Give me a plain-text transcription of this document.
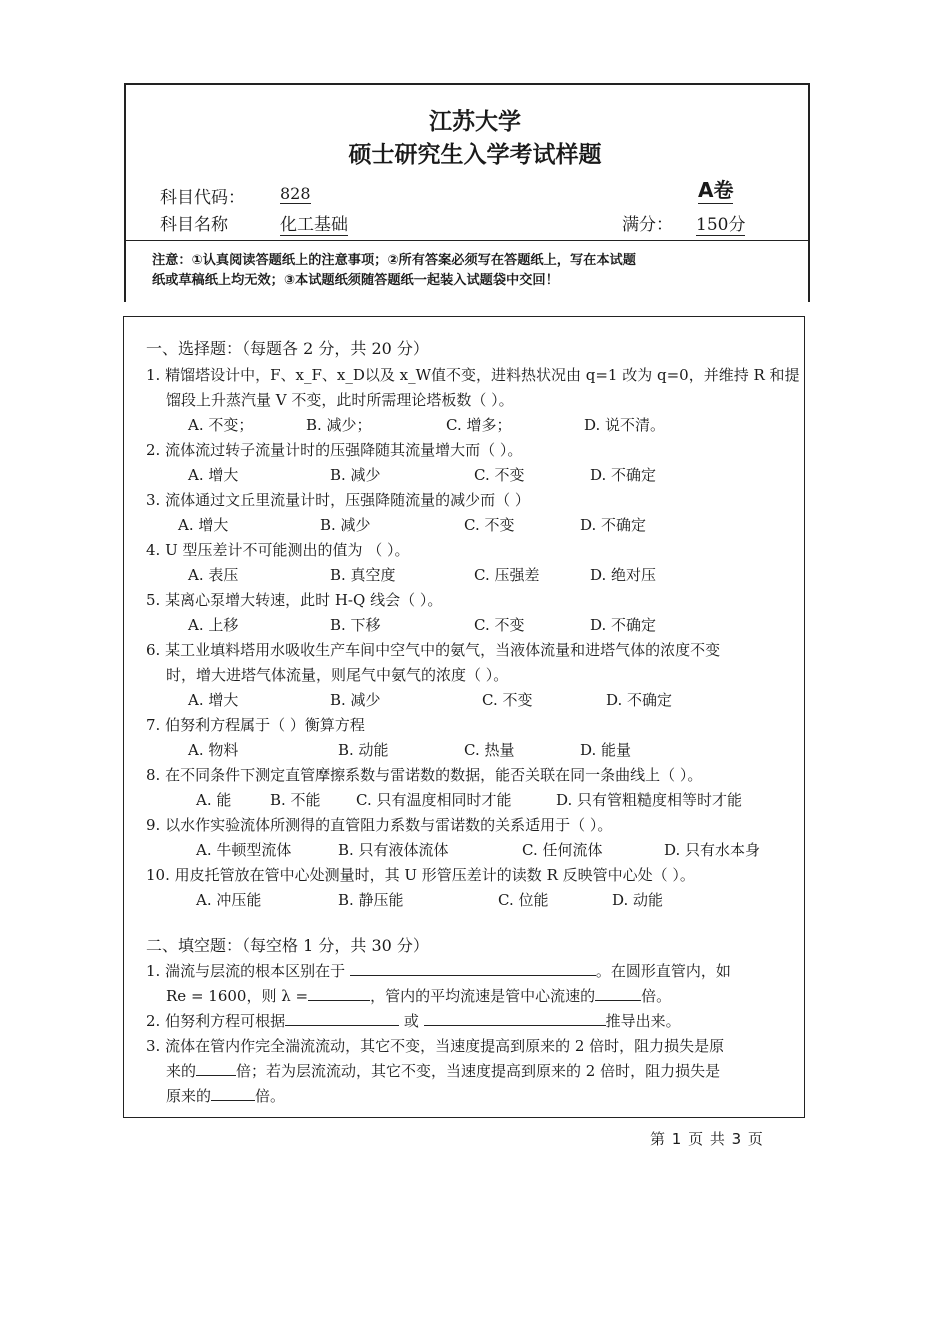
江苏大学
硕士研究生入学考试样题
科目代码： 828	A卷
科目名称	化工基础	满分： 150分
注意：①认真阅读答题纸上的注意事项；②所有答案必须写在答题纸上，写在本试题
纸或草稿纸上均无效；③本试题纸须随答题纸一起装入试题袋中交回！
一、选择题：（每题各 2 分，共 20 分）
1. 精馏塔设计中，F、x_F、x_D以及 x_W值不变，进料热状况由 q=1 改为 q=0，并维持 R 和提
馏段上升蒸汽量 V 不变，此时所需理论塔板数（ ）。
A. 不变；	B. 减少；	C. 增多；	D. 说不清。
2. 流体流过转子流量计时的压强降随其流量增大而（ ）。
A. 增大	B. 减少	C. 不变	D. 不确定
3. 流体通过文丘里流量计时，压强降随流量的减少而（ ）
A. 增大	B. 减少	C. 不变	D. 不确定
4. U 型压差计不可能测出的值为 （ ）。
A. 表压	B. 真空度	C. 压强差	D. 绝对压
5. 某离心泵增大转速，此时 H-Q 线会（ ）。
A. 上移	B. 下移	C. 不变	D. 不确定
6. 某工业填料塔用水吸收生产车间中空气中的氨气，当液体流量和进塔气体的浓度不变
时，增大进塔气体流量，则尾气中氨气的浓度（ ）。
A. 增大	B. 减少	C. 不变	D. 不确定
7. 伯努利方程属于（ ）衡算方程
A. 物料	B. 动能	C. 热量	D. 能量
8. 在不同条件下测定直管摩擦系数与雷诺数的数据，能否关联在同一条曲线上（ ）。
A. 能	B. 不能 C. 只有温度相同时才能	D. 只有管粗糙度相等时才能
9. 以水作实验流体所测得的直管阻力系数与雷诺数的关系适用于（ ）。
A. 牛顿型流体	B. 只有液体流体	C. 任何流体	D. 只有水本身
10. 用皮托管放在管中心处测量时，其 U 形管压差计的读数 R 反映管中心处（ ）。
A. 冲压能	B. 静压能	C. 位能	D. 动能
二、填空题：（每空格 1 分，共 30 分）
1. 湍流与层流的根本区别在于	。在圆形直管内，如
Re = 1600，则 λ =	，管内的平均流速是管中心流速的	倍。
2. 伯努利方程可根据	或	推导出来。
3. 流体在管内作完全湍流流动，其它不变，当速度提高到原来的 2 倍时，阻力损失是原
来的	倍；若为层流流动，其它不变，当速度提高到原来的 2 倍时，阻力损失是
原来的	倍。
第 1 页 共 3 页
